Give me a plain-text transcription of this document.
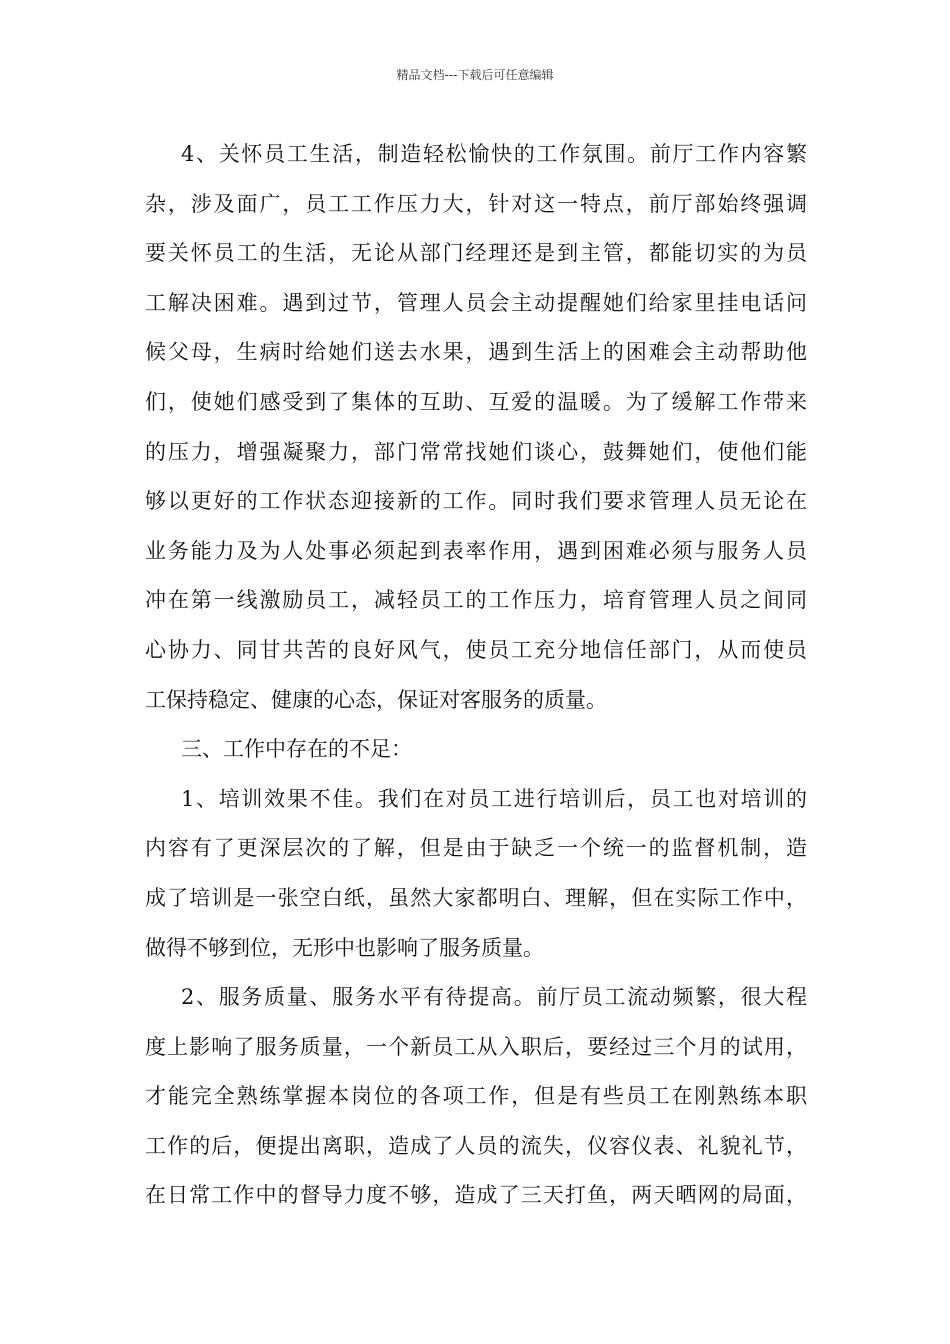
精品文档---下载后可任意编辑
4、关怀员工生活，制造轻松愉快的工作氛围。前厅工作内容繁
杂，涉及面广，员工工作压力大，针对这一特点，前厅部始终强调
要关怀员工的生活，无论从部门经理还是到主管，都能切实的为员
工解决困难。遇到过节，管理人员会主动提醒她们给家里挂电话问
候父母，生病时给她们送去水果，遇到生活上的困难会主动帮助他
们，使她们感受到了集体的互助、互爱的温暖。为了缓解工作带来
的压力，增强凝聚力，部门常常找她们谈心，鼓舞她们，使他们能
够以更好的工作状态迎接新的工作。同时我们要求管理人员无论在
业务能力及为人处事必须起到表率作用，遇到困难必须与服务人员
冲在第一线激励员工，减轻员工的工作压力，培育管理人员之间同
心协力、同甘共苦的良好风气，使员工充分地信任部门，从而使员
工保持稳定、健康的心态，保证对客服务的质量。
三、工作中存在的不足：
1、培训效果不佳。我们在对员工进行培训后，员工也对培训的
内容有了更深层次的了解，但是由于缺乏一个统一的监督机制，造
成了培训是一张空白纸，虽然大家都明白、理解，但在实际工作中，
做得不够到位，无形中也影响了服务质量。
2、服务质量、服务水平有待提高。前厅员工流动频繁，很大程
度上影响了服务质量，一个新员工从入职后，要经过三个月的试用，
才能完全熟练掌握本岗位的各项工作，但是有些员工在刚熟练本职
工作的后，便提出离职，造成了人员的流失，仪容仪表、礼貌礼节，
在日常工作中的督导力度不够，造成了三天打鱼，两天晒网的局面，
